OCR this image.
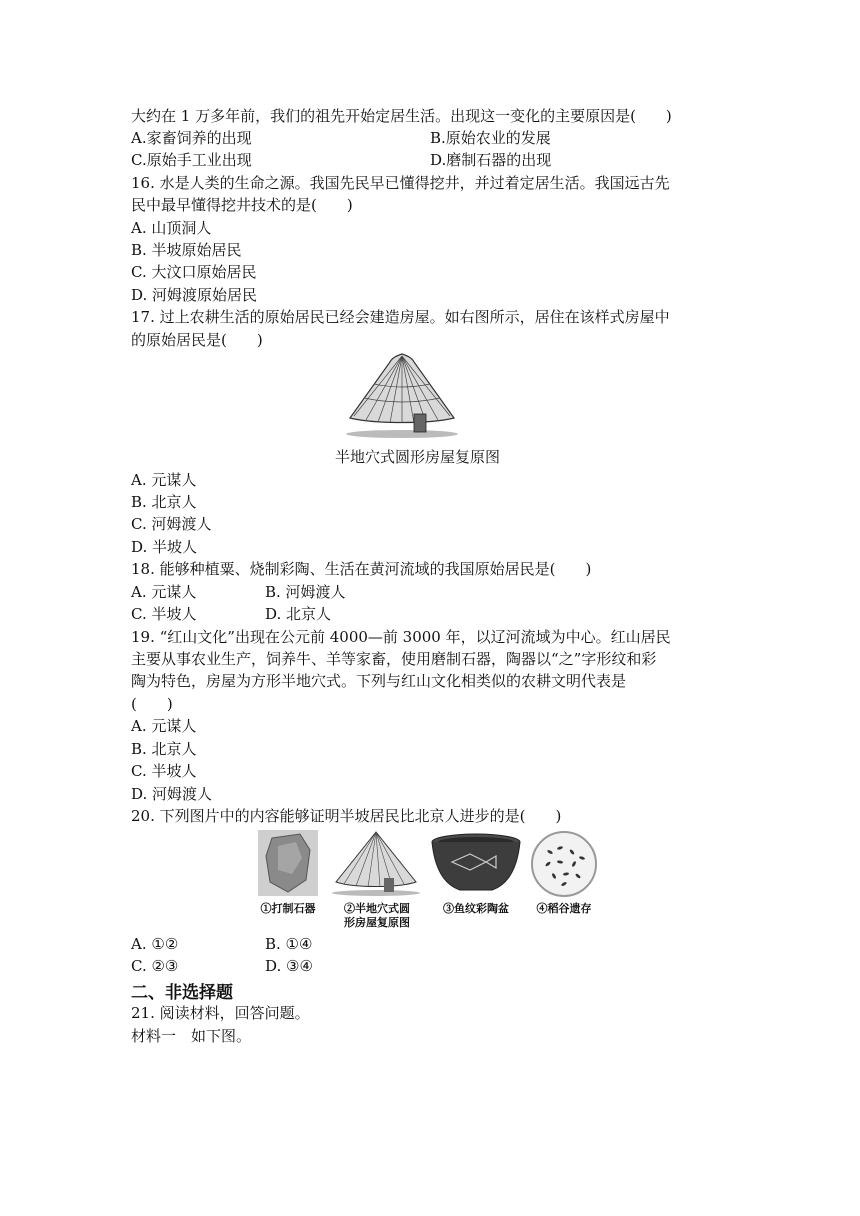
大约在 1 万多年前，我们的祖先开始定居生活。出现这一变化的主要原因是(　　)
A.家畜饲养的出现	B.原始农业的发展
C.原始手工业出现	D.磨制石器的出现
16. 水是人类的生命之源。我国先民早已懂得挖井，并过着定居生活。我国远古先
民中最早懂得挖井技术的是(　　)
A. 山顶洞人
B. 半坡原始居民
C. 大汶口原始居民
D. 河姆渡原始居民
17. 过上农耕生活的原始居民已经会建造房屋。如右图所示，居住在该样式房屋中
的原始居民是(　　)
半地穴式圆形房屋复原图
A. 元谋人
B. 北京人
C. 河姆渡人
D. 半坡人
18. 能够种植粟、烧制彩陶、生活在黄河流域的我国原始居民是(　　)
A. 元谋人	B. 河姆渡人
C. 半坡人	D. 北京人
19. “红山文化”出现在公元前 4000—前 3000 年，以辽河流域为中心。红山居民
主要从事农业生产，饲养牛、羊等家畜，使用磨制石器，陶器以“之”字形纹和彩
陶为特色，房屋为方形半地穴式。下列与红山文化相类似的农耕文明代表是
(　　)
A. 元谋人
B. 北京人
C. 半坡人
D. 河姆渡人
20. 下列图片中的内容能够证明半坡居民比北京人进步的是(　　)
①打制石器	②半地穴式圆
形房屋复原图
③鱼纹彩陶盆	④稻谷遗存
A. ①②	B. ①④
C. ②③	D. ③④
二、非选择题
21. 阅读材料，回答问题。
材料一　如下图。
